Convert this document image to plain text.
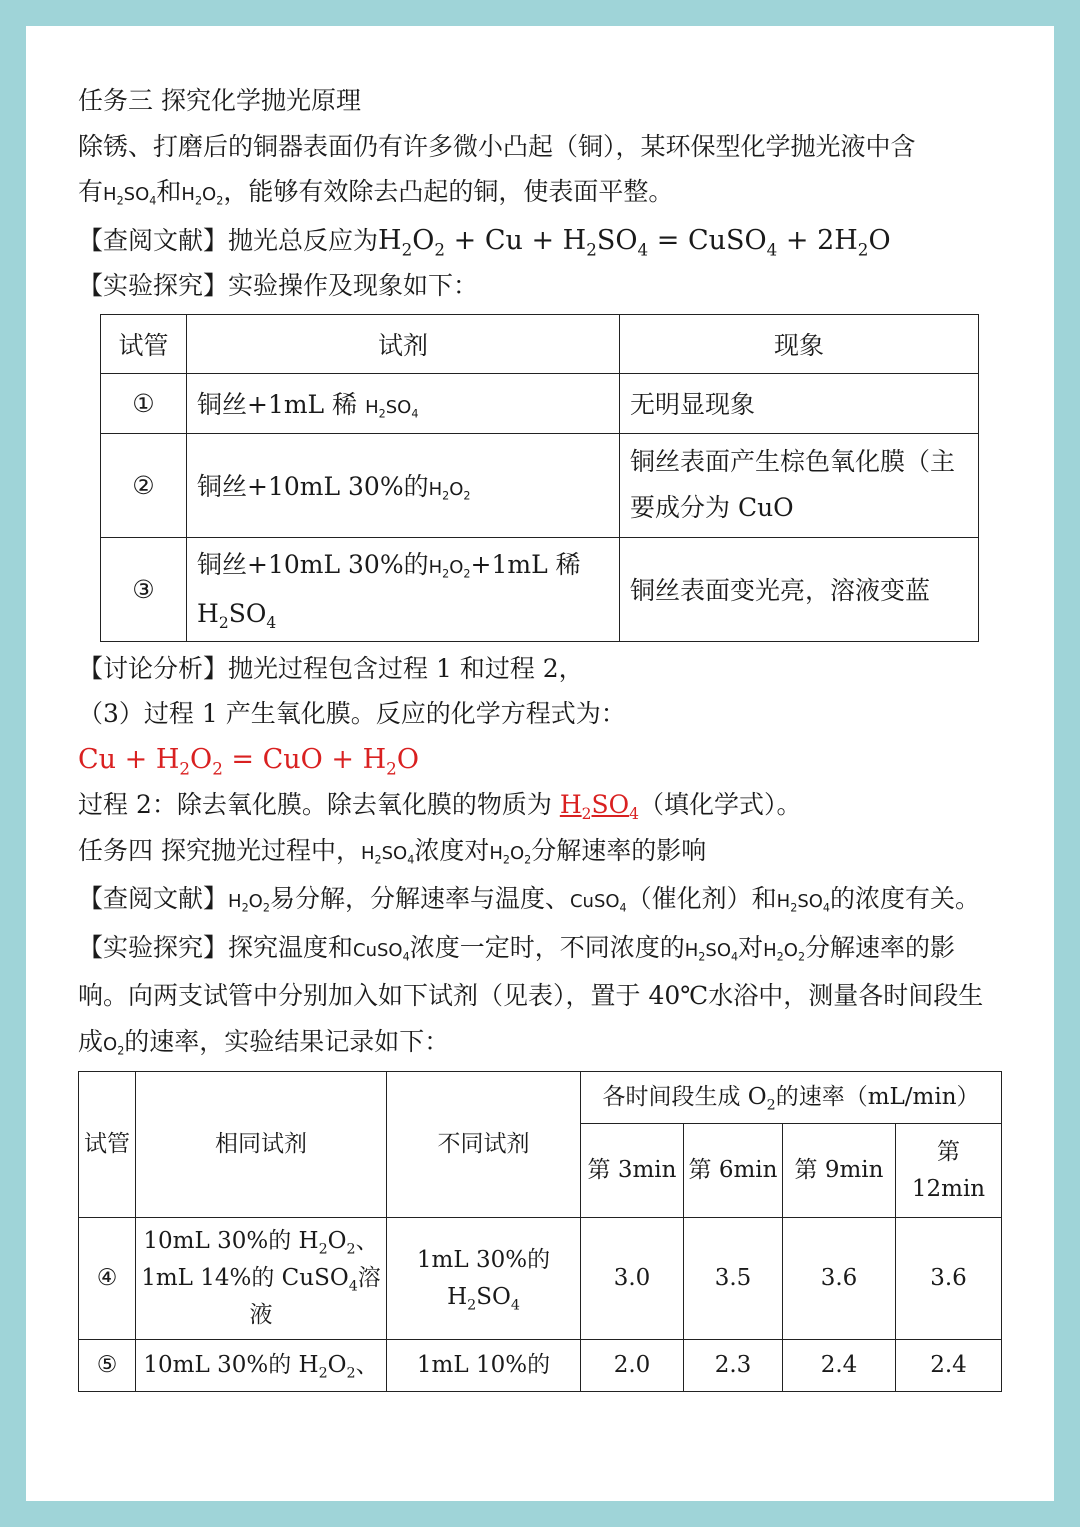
任务三 探究化学抛光原理
除锈、打磨后的铜器表面仍有许多微小凸起（铜），某环保型化学抛光液中含
有$H_2SO_4$和$H_2O_2$，能够有效除去凸起的铜，使表面平整。
【查阅文献】抛光总反应为$H_2O_2 + Cu + H_2SO_4$ = CuSO$_4$ + $2H_2O$
【实验探究】实验操作及现象如下：
试管	试剂	现象
①	铜丝+1mL 稀 $H_2SO_4$	无明显现象
②	铜丝+10mL 30%的$H_2O_2$	铜丝表面产生棕色氧化膜（主要成分为 CuO
③	铜丝+10mL 30%的$H_2O_2+1mL$ 稀
$H_2SO_4$	铜丝表面变光亮，溶液变蓝
【讨论分析】抛光过程包含过程 1 和过程 2，
（3）过程 1 产生氧化膜。反应的化学方程式为：
$Cu + H_2O_2$ = CuO + $H_2O$
过程 2：除去氧化膜。除去氧化膜的物质为 $H_2SO_4$（填化学式）。
任务四 探究抛光过程中，$H_2SO_4$浓度对$H_2O_2$分解速率的影响
【查阅文献】$H_2O_2$易分解，分解速率与温度、CuSO$_4$（催化剂）和$H_2SO_4$的浓度有关。
【实验探究】探究温度和CuSO$_4$浓度一定时，不同浓度的$H_2SO_4$对$H_2O_2$分解速率的影响。向两支试管中分别加入如下试剂（见表），置于 40℃水浴中，测量各时间段生成$O_2$的速率，实验结果记录如下：
试管	相同试剂	不同试剂	各时间段生成 $O_2$的速率（mL/min）			
			第 3min	第 6min	第 9min	第 12min
④	10mL 30%的 $H_2O_2$、1mL 14%的 CuSO$_4$溶液	1mL 30%的
$H_2SO_4$	3.0	3.5	3.6	3.6
⑤	10mL 30%的 $H_2O_2$、	1mL 10%的	2.0	2.3	2.4	2.4
